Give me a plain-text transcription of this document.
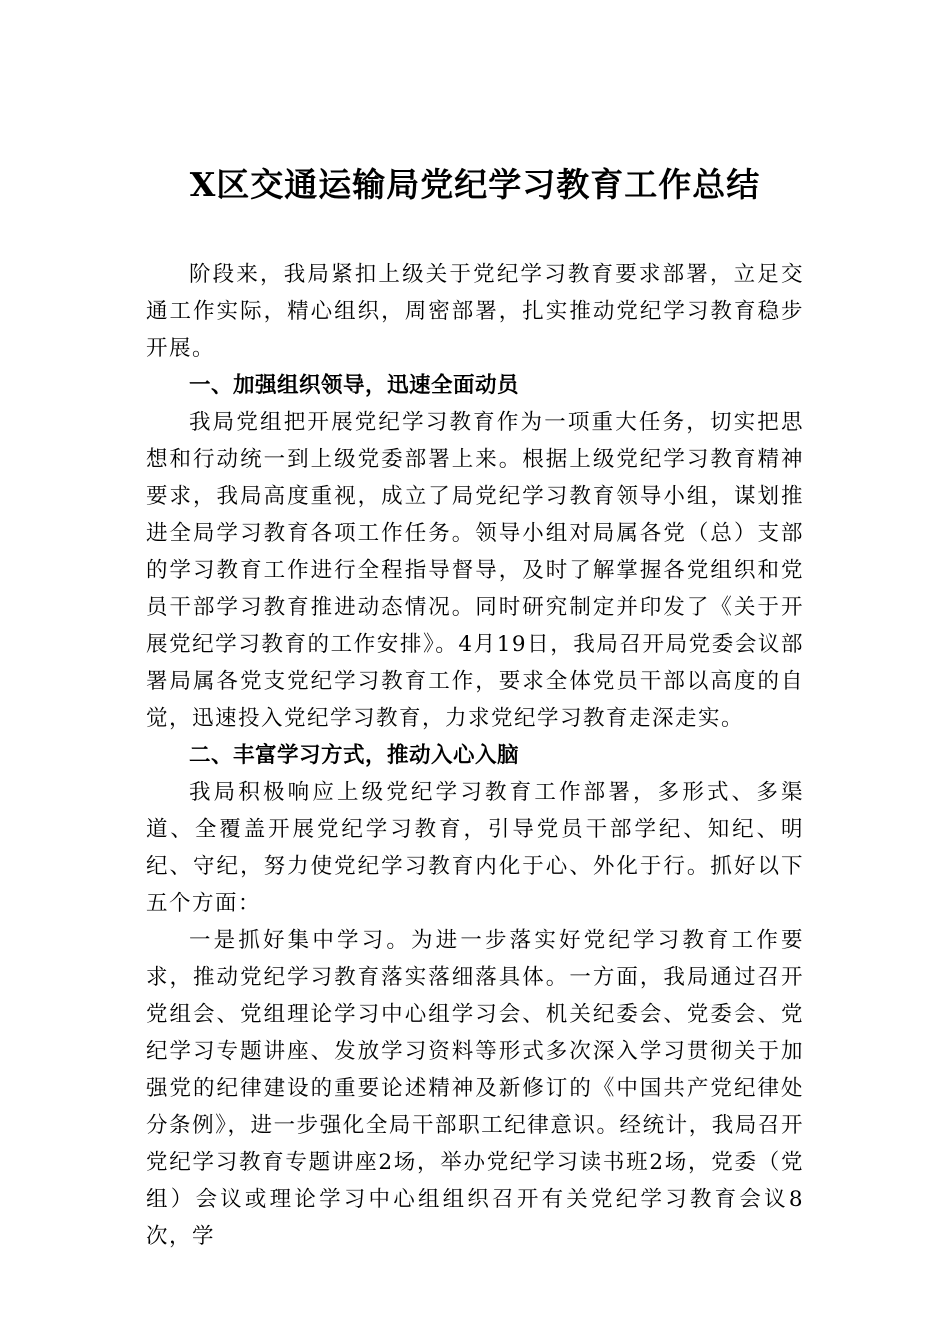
X区交通运输局党纪学习教育工作总结

阶段来，我局紧扣上级关于党纪学习教育要求部署，立足交通工作实际，精心组织，周密部署，扎实推动党纪学习教育稳步开展。

一、加强组织领导，迅速全面动员

我局党组把开展党纪学习教育作为一项重大任务，切实把思想和行动统一到上级党委部署上来。根据上级党纪学习教育精神要求，我局高度重视，成立了局党纪学习教育领导小组，谋划推进全局学习教育各项工作任务。领导小组对局属各党（总）支部的学习教育工作进行全程指导督导，及时了解掌握各党组织和党员干部学习教育推进动态情况。同时研究制定并印发了《关于开展党纪学习教育的工作安排》。4月19日，我局召开局党委会议部署局属各党支党纪学习教育工作，要求全体党员干部以高度的自觉，迅速投入党纪学习教育，力求党纪学习教育走深走实。

二、丰富学习方式，推动入心入脑

我局积极响应上级党纪学习教育工作部署，多形式、多渠道、全覆盖开展党纪学习教育，引导党员干部学纪、知纪、明纪、守纪，努力使党纪学习教育内化于心、外化于行。抓好以下五个方面：

一是抓好集中学习。为进一步落实好党纪学习教育工作要求，推动党纪学习教育落实落细落具体。一方面，我局通过召开党组会、党组理论学习中心组学习会、机关纪委会、党委会、党纪学习专题讲座、发放学习资料等形式多次深入学习贯彻关于加强党的纪律建设的重要论述精神及新修订的《中国共产党纪律处分条例》，进一步强化全局干部职工纪律意识。经统计，我局召开党纪学习教育专题讲座2场，举办党纪学习读书班2场，党委（党组）会议或理论学习中心组组织召开有关党纪学习教育会议8次，学
